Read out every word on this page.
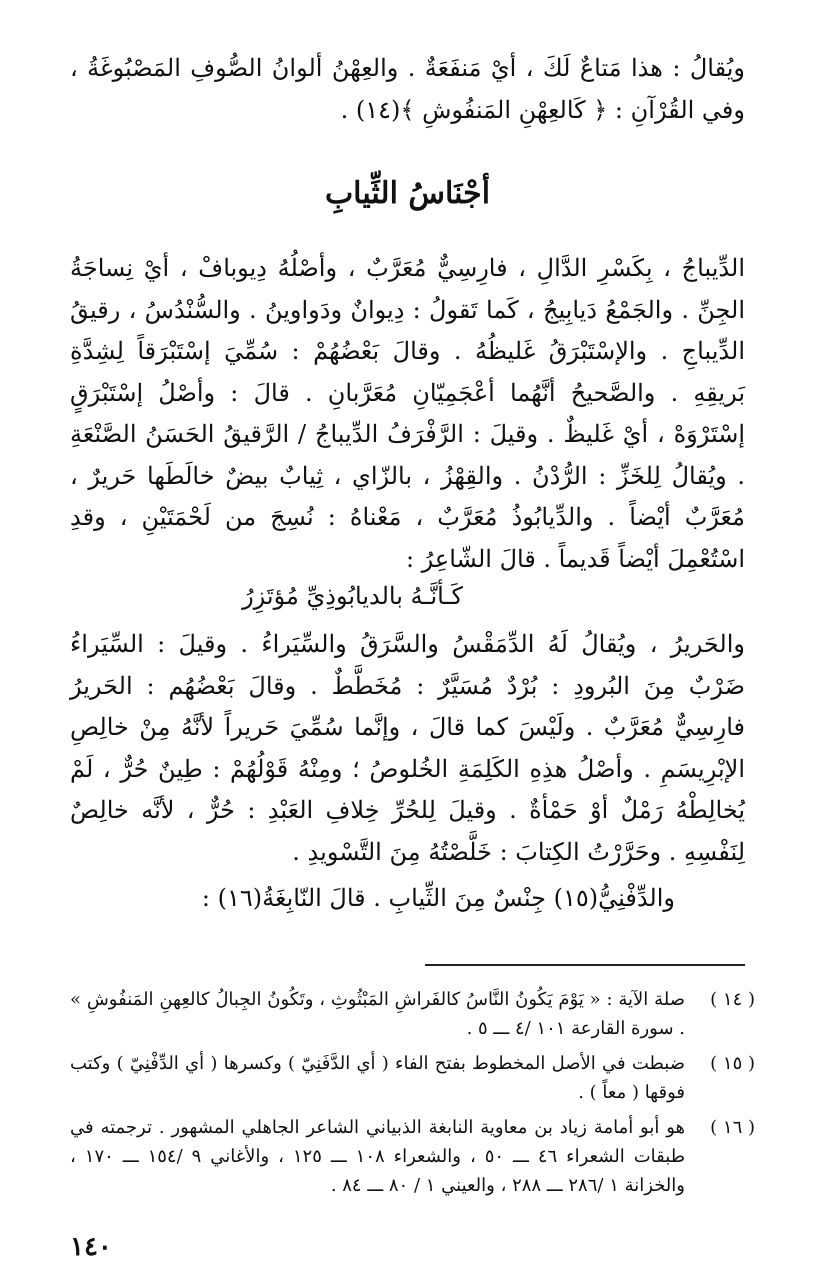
ويُقالُ : هذا مَتاعٌ لَكَ ، أيْ مَنفَعَةٌ . والعِهْنُ ألوانُ الصُّوفِ المَصْبُوغَةُ ، وفي القُرْآنِ : ﴿ كَالعِهْنِ المَنفُوشِ ﴾(١٤) .

أجْنَاسُ الثِّيابِ

الدِّيباجُ ، بِكَسْرِ الدَّالِ ، فارِسِيٌّ مُعَرَّبٌ ، وأصْلُهُ دِيوبافْ ، أيْ نِساجَةُ الجِنِّ . والجَمْعُ دَيابِيجُ ، كَما تَقولُ : دِيوانٌ ودَواوينُ . والسُّنْدُسُ ، رقيقُ الدِّيباجِ . والإسْتَبْرَقُ غَليظُهُ . وقالَ بَعْضُهُمْ : سُمِّيَ إسْتَبْرَقاً لِشِدَّةِ بَريقِهِ . والصَّحيحُ أنَّهُما أعْجَمِيّانِ مُعَرَّبانِ . قالَ : وأصْلُ إسْتَبْرَقٍ إسْتَرْوَهْ ، أيْ غَليظٌ . وقيلَ : الرَّفْرَفُ الدِّيباجُ / الرَّقيقُ الحَسَنُ الصَّنْعَةِ . ويُقالُ لِلخَزِّ : الرُّدْنُ . والقِهْزُ ، بالزّاي ، ثِيابٌ بيضٌ خالَطَها حَريرٌ ، مُعَرَّبٌ أيْضاً . والدِّيابُوذُ مُعَرَّبٌ ، مَعْناهُ : نُسِجَ من لَحْمَتَيْنِ ، وقدِ اسْتُعْمِلَ أيْضاً قَديماً . قالَ الشّاعِرُ :

كَـأنَّـهُ بالديابُوذِيِّ مُؤتَزِرُ

والحَريرُ ، ويُقالُ لَهُ الدِّمَقْسُ والسَّرَقُ والسِّيَراءُ . وقيلَ : السِّيَراءُ ضَرْبٌ مِنَ البُرودِ : بُرْدٌ مُسَيَّرٌ : مُخَطَّطٌ . وقالَ بَعْضُهُم : الحَريرُ فارِسِيٌّ مُعَرَّبٌ . ولَيْسَ كما قالَ ، وإنَّما سُمِّيَ حَريراً لأنَّهُ مِنْ خالِصِ الإبْرِيسَمِ . وأصْلُ هذِهِ الكَلِمَةِ الخُلوصُ ؛ ومِنْهُ قَوْلُهُمْ : طِينٌ حُرٌّ ، لَمْ يُخالِطْهُ رَمْلٌ أوْ حَمْأةٌ . وقيلَ لِلحُرِّ خِلافِ العَبْدِ : حُرٌّ ، لأنَّه خالِصٌ لِنَفْسِهِ . وحَرَّرْتُ الكِتابَ : خَلَّصْتُهُ مِنَ التَّسْويدِ .

والدِّفْنِيُّ(١٥) جِنْسٌ مِنَ الثِّيابِ . قالَ النّابِغَةُ(١٦) :

( ١٤ )

صلة الآية : « يَوْمَ يَكُونُ النَّاسُ كالفَراشِ المَبْثُوثِ ، وتَكُونُ الجِبالُ كالعِهنِ المَنفُوشِ » . سورة القارعة ١٠١ /٤ ـــ ٥ .

( ١٥ )

ضبطت في الأصل المخطوط بفتح الفاء ( أي الدَّفَنِيّ ) وكسرها ( أي الدِّفْنِيّ ) وكتب فوقها ( معاً ) .

( ١٦ )

هو أبو أمامة زياد بن معاوية النابغة الذبياني الشاعر الجاهلي المشهور . ترجمته في طبقات الشعراء ٤٦ ـــ ٥٠ ، والشعراء ١٠٨ ـــ ١٢٥ ، والأغاني ٩ /١٥٤ ـــ ١٧٠ ، والخزانة ١ /٢٨٦ ـــ ٢٨٨ ، والعيني ١ / ٨٠ ـــ ٨٤ .

١٤٠
